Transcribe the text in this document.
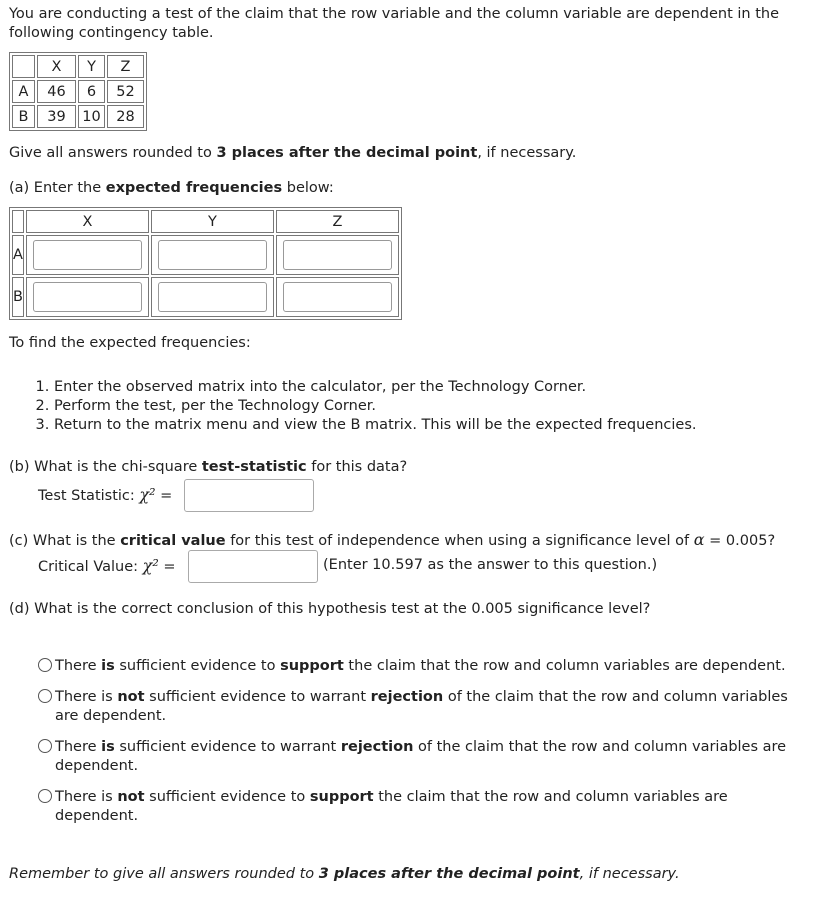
You are conducting a test of the claim that the row variable and the column variable are dependent in the following contingency table.

	X	Y	Z
A	46	6	52
B	39	10	28

Give all answers rounded to 3 places after the decimal point, if necessary.

(a) Enter the expected frequencies below:

	X	Y	Z
A			
B			

To find the expected frequencies:

1. Enter the observed matrix into the calculator, per the Technology Corner.
2. Perform the test, per the Technology Corner.
3. Return to the matrix menu and view the B matrix. This will be the expected frequencies.

(b) What is the chi-square test-statistic for this data?

Test Statistic: χ² =

(c) What is the critical value for this test of independence when using a significance level of α = 0.005?

Critical Value: χ² =	(Enter 10.597 as the answer to this question.)

(d) What is the correct conclusion of this hypothesis test at the 0.005 significance level?

There is sufficient evidence to support the claim that the row and column variables are dependent.
There is not sufficient evidence to warrant rejection of the claim that the row and column variables are dependent.
There is sufficient evidence to warrant rejection of the claim that the row and column variables are dependent.
There is not sufficient evidence to support the claim that the row and column variables are dependent.

Remember to give all answers rounded to 3 places after the decimal point, if necessary.
